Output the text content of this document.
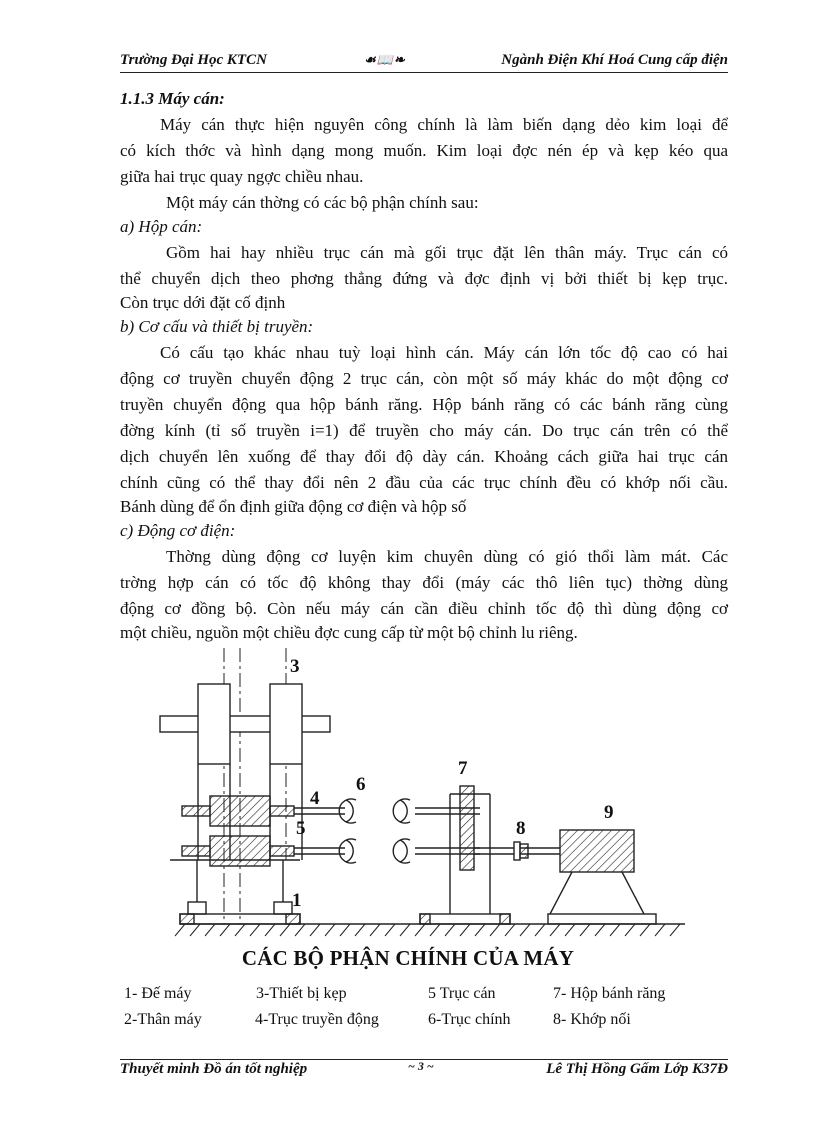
Trường Đại Học KTCN	☙📖❧	Ngành Điện Khí Hoá Cung cấp điện

1.1.3 Máy cán:

Máy cán thực hiện nguyên công chính là làm biến dạng dẻo kim loại để

có kích thớc và hình dạng mong muốn. Kim loại đợc nén ép và kẹp kéo qua

giữa hai trục quay ngợc chiều nhau.

Một máy cán thờng có các bộ phận chính sau:

a) Hộp cán:

Gồm hai hay nhiều trục cán mà gối trục đặt lên thân máy. Trục cán có

thể chuyển dịch theo phơng thẳng đứng và đợc định vị bởi thiết bị kẹp trục.

Còn trục dới đặt cố định

b) Cơ cấu và thiết bị truyền:

Có cấu tạo khác nhau tuỳ loại hình cán. Máy cán lớn tốc độ cao có hai

động cơ truyền chuyển động 2 trục cán, còn một số máy khác do một động cơ

truyền chuyển động qua hộp bánh răng. Hộp bánh răng có các bánh răng cùng

đờng kính (tỉ số truyền i=1) để truyền cho máy cán. Do trục cán trên có thể

dịch chuyển lên xuống để thay đổi độ dày cán. Khoảng cách giữa hai trục cán

chính cũng có thể thay đổi nên 2 đầu của các trục chính đều có khớp nối cầu.

Bánh dùng để ổn định giữa động cơ điện và hộp số

c) Động cơ điện:

Thờng dùng động cơ luyện kim chuyên dùng có gió thổi làm mát. Các

trờng hợp cán có tốc độ không thay đổi (máy các thô liên tục) thờng dùng

động cơ đồng bộ. Còn nếu máy cán cần điều chỉnh tốc độ thì dùng động cơ

một chiều, nguồn một chiều đợc cung cấp từ một bộ chỉnh lu riêng.

3
4
5
6
7
8
9
1
CÁC BỘ PHẬN CHÍNH CỦA MÁY
1- Đế máy	3-Thiết bị kẹp	5 Trục cán	7- Hộp bánh răng
2-Thân máy	4-Trục truyền động	6-Trục chính	8- Khớp nối
Thuyết minh Đồ án tốt nghiệp	~ 3 ~	Lê Thị Hồng Gấm Lớp K37Đ
